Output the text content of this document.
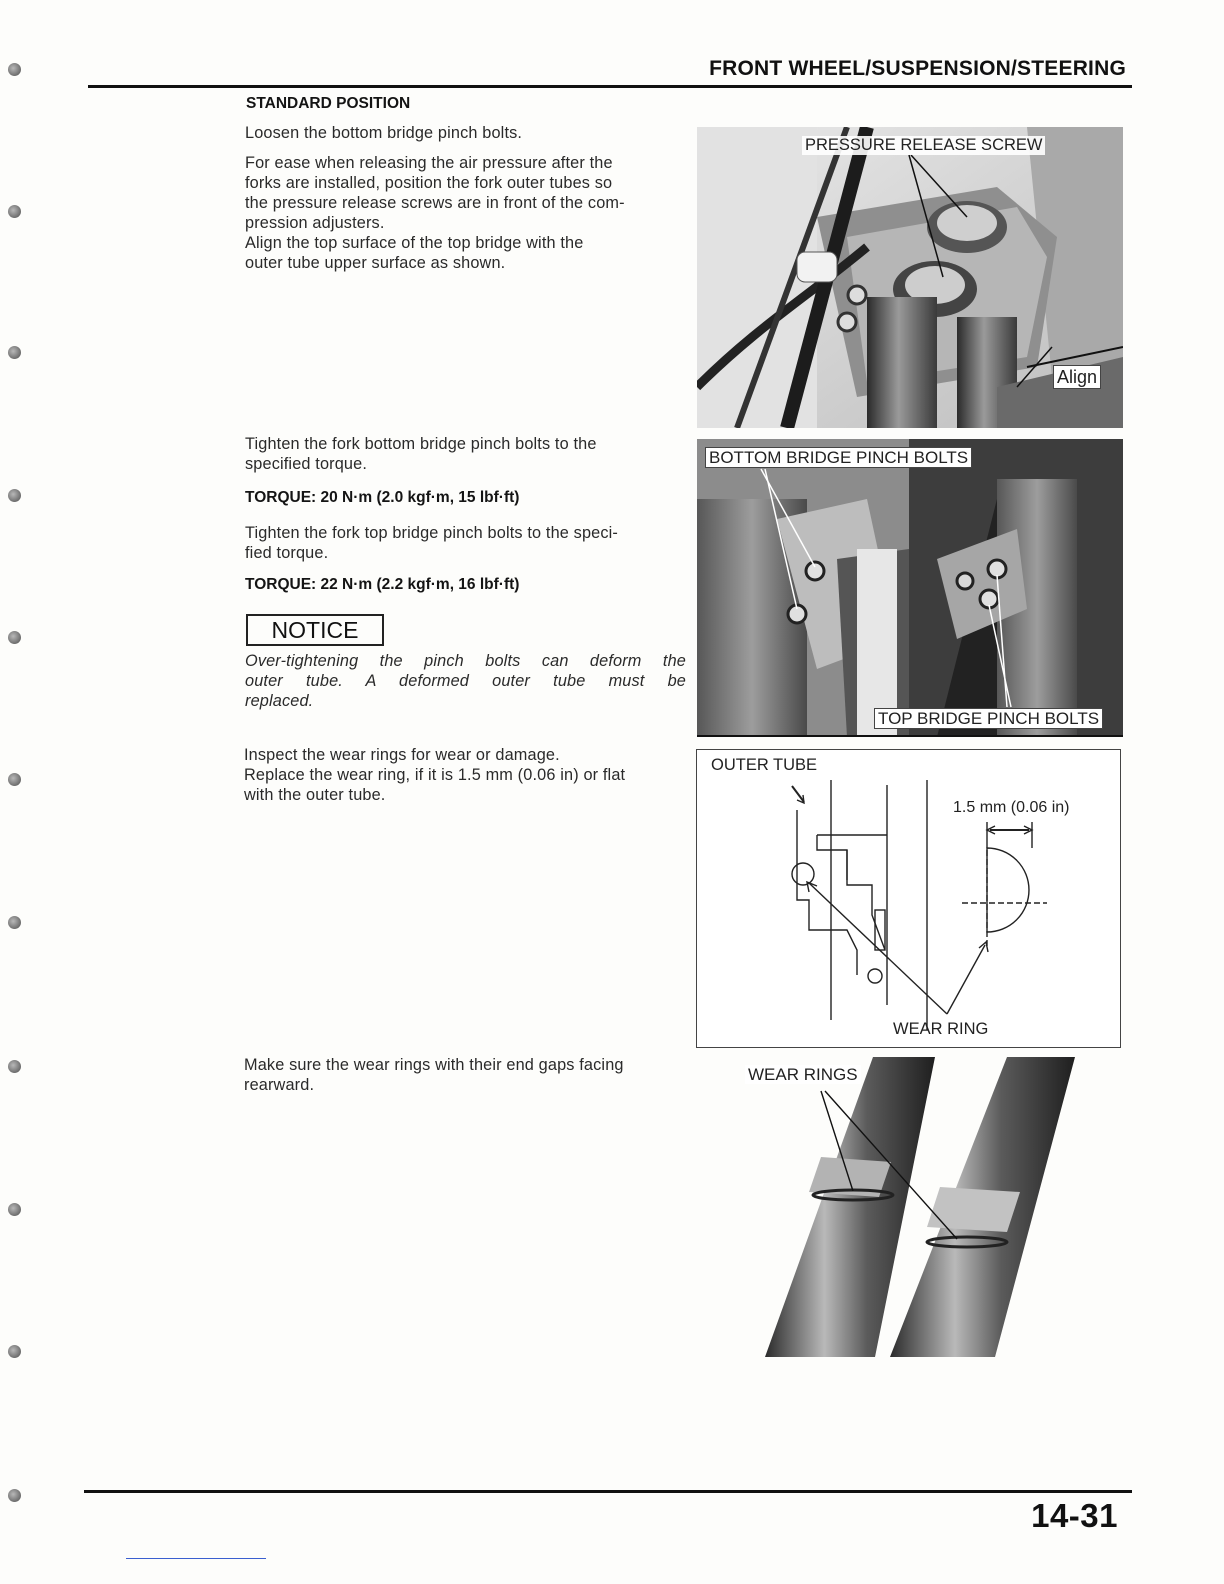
FRONT WHEEL/SUSPENSION/STEERING
STANDARD POSITION
Loosen the bottom bridge pinch bolts.
For ease when releasing the air pressure after the
forks are installed, position the fork outer tubes so
the pressure release screws are in front of the com-
pression adjusters.
Align the top surface of the top bridge with the
outer tube upper surface as shown.
Tighten the fork bottom bridge pinch bolts to the
specified torque.
TORQUE: 20 N·m (2.0 kgf·m, 15 lbf·ft)
Tighten the fork top bridge pinch bolts to the speci-
fied torque.
TORQUE: 22 N·m (2.2 kgf·m, 16 lbf·ft)
NOTICE
Over-tightening the pinch bolts can deform the
outer tube. A deformed outer tube must be
replaced.
Inspect the wear rings for wear or damage.
Replace the wear ring, if it is 1.5 mm (0.06 in) or flat
with the outer tube.
Make sure the wear rings with their end gaps facing
rearward.
PRESSURE RELEASE SCREW
Align
BOTTOM BRIDGE PINCH BOLTS
TOP BRIDGE PINCH BOLTS
OUTER TUBE
1.5 mm (0.06 in)
WEAR RING
WEAR RINGS
14-31
